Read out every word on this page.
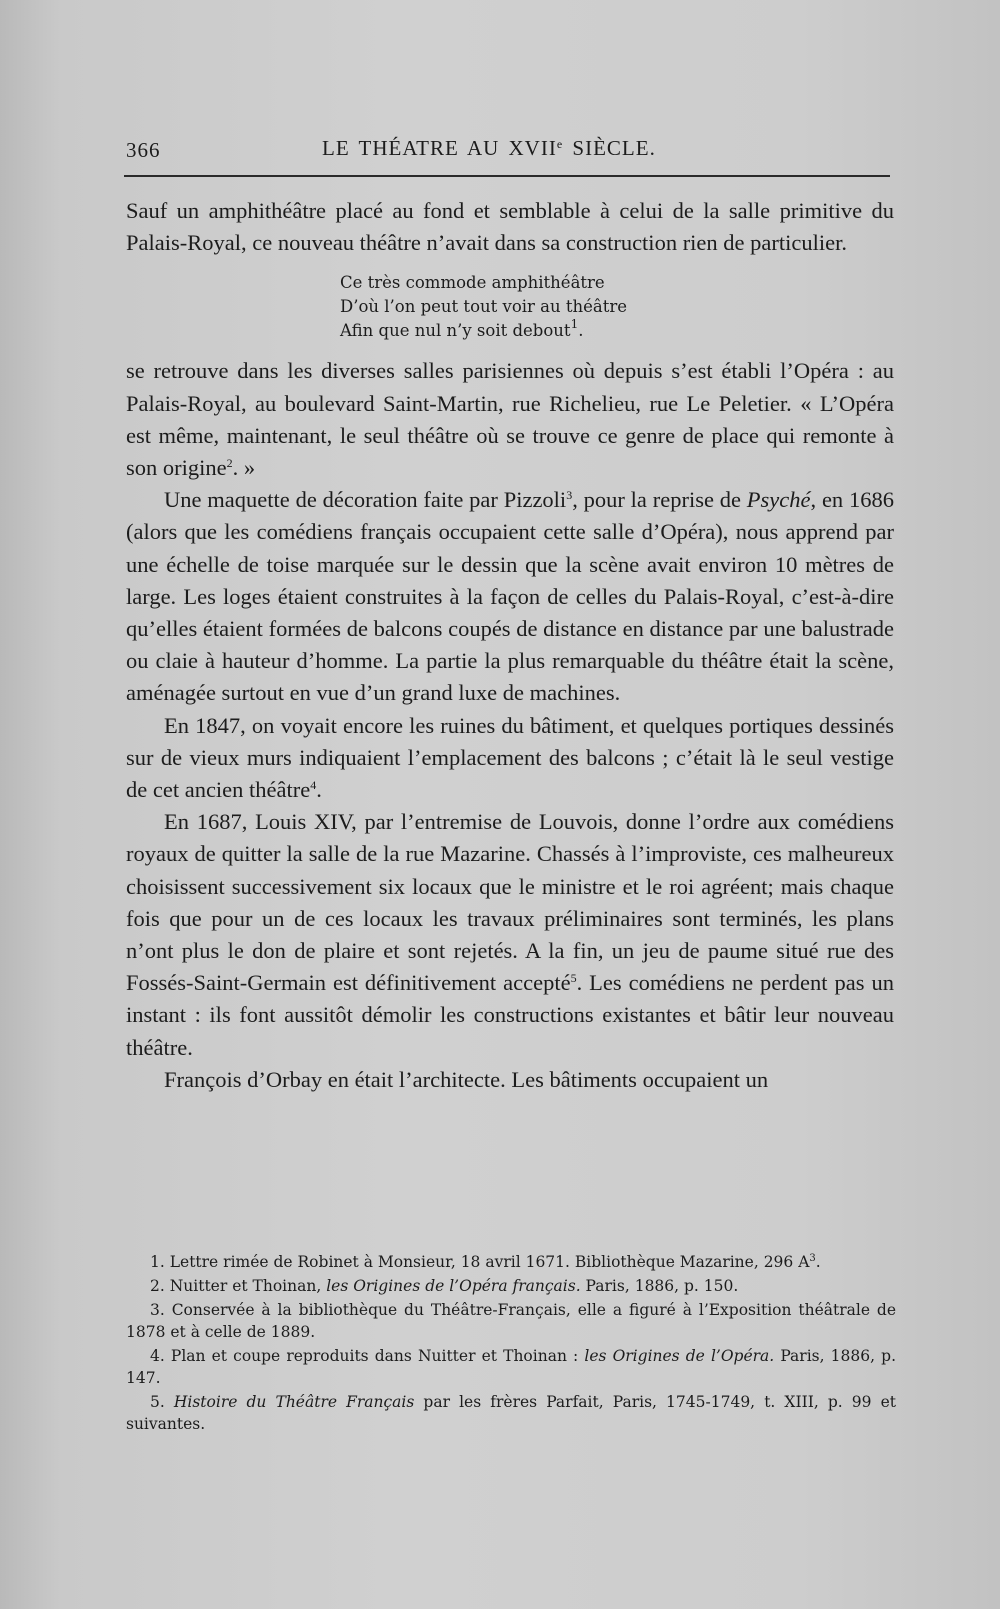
366	LE THÉATRE AU XVIIe SIÈCLE.

Sauf un amphithéâtre placé au fond et semblable à celui de la salle primitive du Palais-Royal, ce nouveau théâtre n’avait dans sa construction rien de particulier.

Ce très commode amphithéâtre
D’où l’on peut tout voir au théâtre
Afin que nul n’y soit debout$^1$.

se retrouve dans les diverses salles parisiennes où depuis s’est établi l’Opéra : au Palais-Royal, au boulevard Saint-Martin, rue Richelieu, rue Le Peletier. « L’Opéra est même, maintenant, le seul théâtre où se trouve ce genre de place qui remonte à son origine$^2$. »

Une maquette de décoration faite par Pizzoli$^3$, pour la reprise de Psyché, en 1686 (alors que les comédiens français occupaient cette salle d’Opéra), nous apprend par une échelle de toise marquée sur le dessin que la scène avait environ 10 mètres de large. Les loges étaient construites à la façon de celles du Palais-Royal, c’est-à-dire qu’elles étaient formées de balcons coupés de distance en distance par une balustrade ou claie à hauteur d’homme. La partie la plus remarquable du théâtre était la scène, aménagée surtout en vue d’un grand luxe de machines.

En 1847, on voyait encore les ruines du bâtiment, et quelques portiques dessinés sur de vieux murs indiquaient l’emplacement des balcons ; c’était là le seul vestige de cet ancien théâtre$^4$.

En 1687, Louis XIV, par l’entremise de Louvois, donne l’ordre aux comédiens royaux de quitter la salle de la rue Mazarine. Chassés à l’improviste, ces malheureux choisissent successivement six locaux que le ministre et le roi agréent; mais chaque fois que pour un de ces locaux les travaux préliminaires sont terminés, les plans n’ont plus le don de plaire et sont rejetés. A la fin, un jeu de paume situé rue des Fossés-Saint-Germain est définitivement accepté$^5$. Les comédiens ne perdent pas un instant : ils font aussitôt démolir les constructions existantes et bâtir leur nouveau théâtre.

François d’Orbay en était l’architecte. Les bâtiments occupaient un

1. Lettre rimée de Robinet à Monsieur, 18 avril 1671. Bibliothèque Mazarine, 296 $A^3$.

2. Nuitter et Thoinan, les Origines de l’Opéra français. Paris, 1886, p. 150.

3. Conservée à la bibliothèque du Théâtre-Français, elle a figuré à l’Exposition théâtrale de 1878 et à celle de 1889.

4. Plan et coupe reproduits dans Nuitter et Thoinan : les Origines de l’Opéra. Paris, 1886, p. 147.

5. Histoire du Théâtre Français par les frères Parfait, Paris, 1745-1749, t. XIII, p. 99 et suivantes.
